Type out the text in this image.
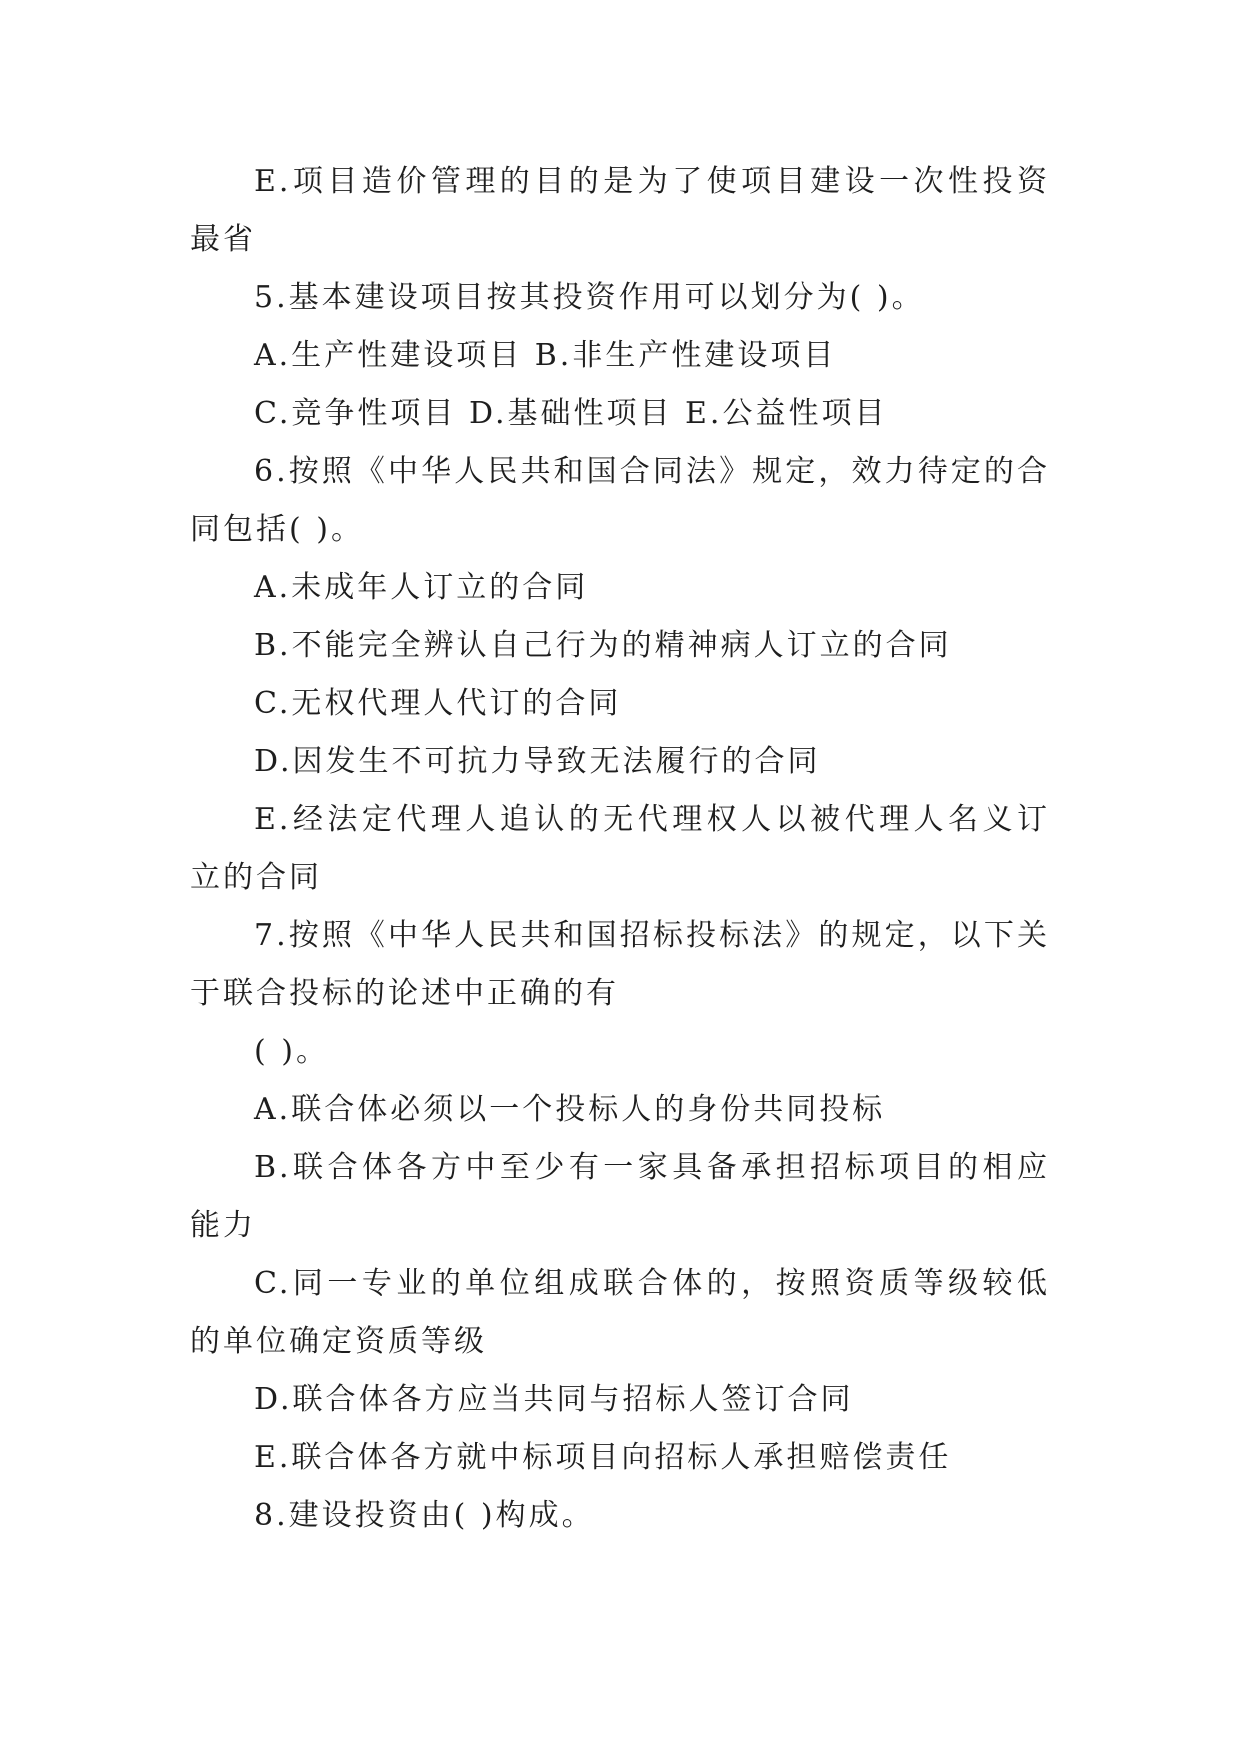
E.项目造价管理的目的是为了使项目建设一次性投资最省

5.基本建设项目按其投资作用可以划分为( )。

A.生产性建设项目 B.非生产性建设项目

C.竞争性项目 D.基础性项目 E.公益性项目

6.按照《中华人民共和国合同法》规定，效力待定的合同包括( )。

A.未成年人订立的合同

B.不能完全辨认自己行为的精神病人订立的合同

C.无权代理人代订的合同

D.因发生不可抗力导致无法履行的合同

E.经法定代理人追认的无代理权人以被代理人名义订立的合同

7.按照《中华人民共和国招标投标法》的规定，以下关于联合投标的论述中正确的有

( )。

A.联合体必须以一个投标人的身份共同投标

B.联合体各方中至少有一家具备承担招标项目的相应能力

C.同一专业的单位组成联合体的，按照资质等级较低的单位确定资质等级

D.联合体各方应当共同与招标人签订合同

E.联合体各方就中标项目向招标人承担赔偿责任

8.建设投资由( )构成。
